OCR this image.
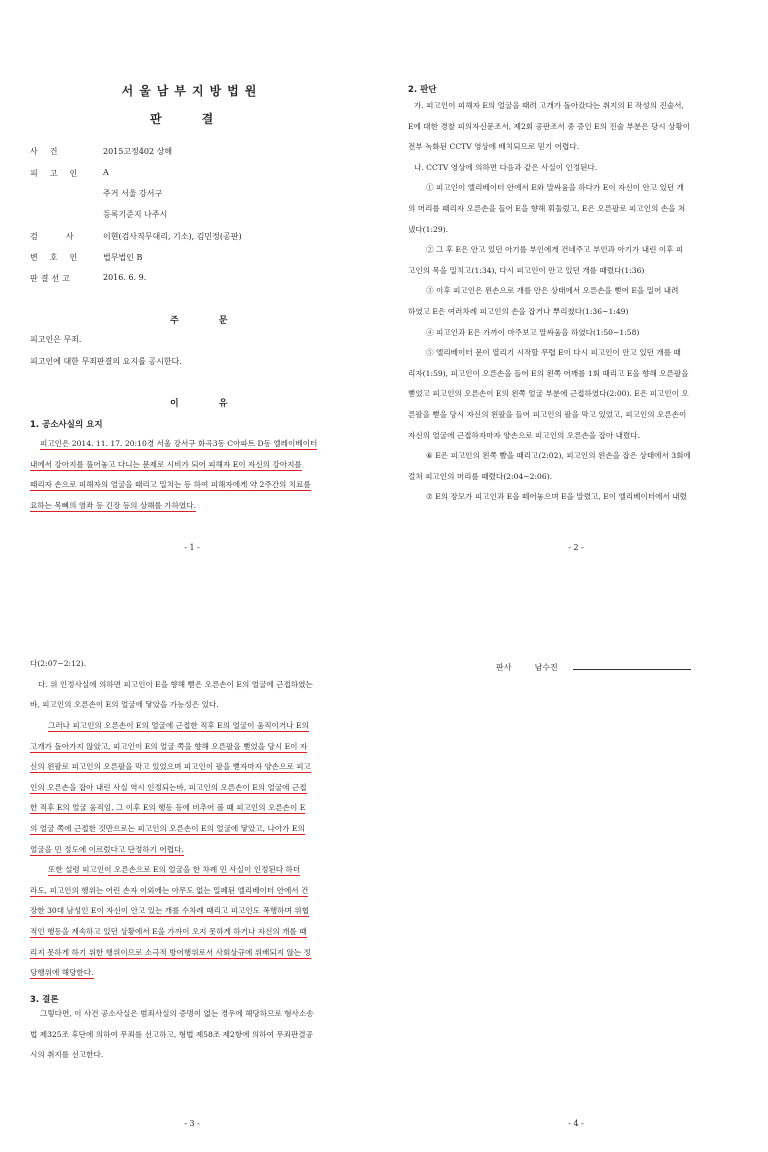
서울남부지방법원
판결
사건	2015고정402 상해
피고인 A
주거 서울 강서구
등록기준지 나주시
검사 이현(검사직무대리, 기소), 김민정(공판)
변호인 법무법인 B
판결선고	2016. 6. 9.
주문
피고인은 무죄.
피고인에 대한 무죄판결의 요지를 공시한다.
이유
1. 공소사실의 요지
피고인은 2014. 11. 17. 20:10경 서울 강서구 화곡3동 C아파트 D동 엘레이베이터
내에서 강아지를 풀어놓고 다니는 문제로 시비가 되어 피해자 E이 자신의 강아지를
때리자 손으로 피해자의 얼굴을 때리고 밀치는 등 하여 피해자에게 약 2주간의 치료를
요하는 목뼈의 염좌 등 긴장 등의 상해를 가하였다.
- 1 -
2. 판단
가. 피고인이 피해자 E의 얼굴을 때려 고개가 돌아갔다는 취지의 E 작성의 진술서,
E에 대한 경찰 피의자신문조서, 제2회 공판조서 중 증인 E의 진술 부분은 당시 상황이
전부 녹화된 CCTV 영상에 배치되므로 믿기 어렵다.
나. CCTV 영상에 의하면 다음과 같은 사실이 인정된다.
① 피고인이 엘리베이터 안에서 E와 말싸움을 하다가 E이 자신이 안고 있던 개
의 머리를 때리자 오른손을 들어 E을 향해 휘둘렀고, E은 오른팔로 피고인의 손을 쳐
냈다(1:29).
② 그 후 E은 안고 있던 아기를 부인에게 건네주고 부인과 아기가 내린 이후 피
고인의 목을 밀치고(1:34), 다시 피고인이 안고 있던 개를 때렸다(1:36)
③ 이후 피고인은 왼손으로 개를 안은 상태에서 오른손을 뻗어 E을 밀어 내려
하였고 E은 여러차례 피고인의 손을 잡거나 뿌리쳤다(1:36~1:49)
④ 피고인과 E은 가까이 마주보고 말싸움을 하였다(1:50~1:58)
⑤ 엘리베이터 문이 열리기 시작할 무렵 E이 다시 피고인이 안고 있던 개를 때
리자(1:59), 피고인이 오른손을 들어 E의 왼쪽 어깨를 1회 때리고 E을 향해 오른팔을
뻗었고 피고인의 오른손이 E의 왼쪽 얼굴 부분에 근접하였다(2:00). E은 피고인이 오
른팔을 뻗을 당시 자신의 왼팔을 들어 피고인의 팔을 막고 있었고, 피고인의 오른손이
자신의 얼굴에 근접하자마자 양손으로 피고인의 오른손을 잡아 내렸다.
⑥ E은 피고인의 왼쪽 뺨을 때리고(2:02), 피고인의 왼손을 잡은 상태에서 3회에
걸쳐 피고인의 머리를 때렸다(2:04~2:06).
⑦ E의 장모가 피고인과 E을 떼어놓으며 E을 말렸고, E이 엘리베이터에서 내렸
- 2 -
다(2:07~2:12).
다. 위 인정사실에 의하면 피고인이 E을 향해 뻗은 오른손이 E의 얼굴에 근접하였는
바, 피고인의 오른손이 E의 얼굴에 닿았을 가능성은 있다.
그러나 피고인의 오른손이 E의 얼굴에 근접한 직후 E의 얼굴이 움직이거나 E의
고개가 돌아가지 않았고, 피고인이 E의 얼굴 쪽을 향해 오른팔을 뻗었을 당시 E이 자
신의 왼팔로 피고인의 오른팔을 막고 있었으며 피고인이 팔을 뻗자마자 양손으로 피고
인의 오른손을 잡아 내린 사실 역시 인정되는바, 피고인의 오른손이 E의 얼굴에 근접
한 직후 E의 얼굴 움직임, 그 이후 E의 행동 등에 비추어 볼 때 피고인의 오른손이 E
의 얼굴 쪽에 근접한 것만으로는 피고인의 오른손이 E의 얼굴에 닿았고, 나아가 E의
얼굴을 민 정도에 이르렀다고 단정하기 어렵다.
또한 설령 피고인이 오른손으로 E의 얼굴을 한 차례 민 사실이 인정된다 하더
라도, 피고인의 행위는 어린 손자 이외에는 아무도 없는 밀폐된 엘리베이터 안에서 건
장한 30대 남성인 E이 자신이 안고 있는 개를 수차례 때리고 피고인도 폭행하며 위협
적인 행동을 계속하고 있던 상황에서 E을 가까이 오지 못하게 하거나 자신의 개를 때
리지 못하게 하기 위한 행위이므로 소극적 방어행위로서 사회상규에 위배되지 않는 정
당행위에 해당한다.
3. 결론
그렇다면, 이 사건 공소사실은 범죄사실의 증명이 없는 경우에 해당하므로 형사소송
법 제325조 후단에 의하여 무죄를 선고하고, 형법 제58조 제2항에 의하여 무죄판결공
시의 취지를 선고한다.
- 3 -
판사	남수진
- 4 -
